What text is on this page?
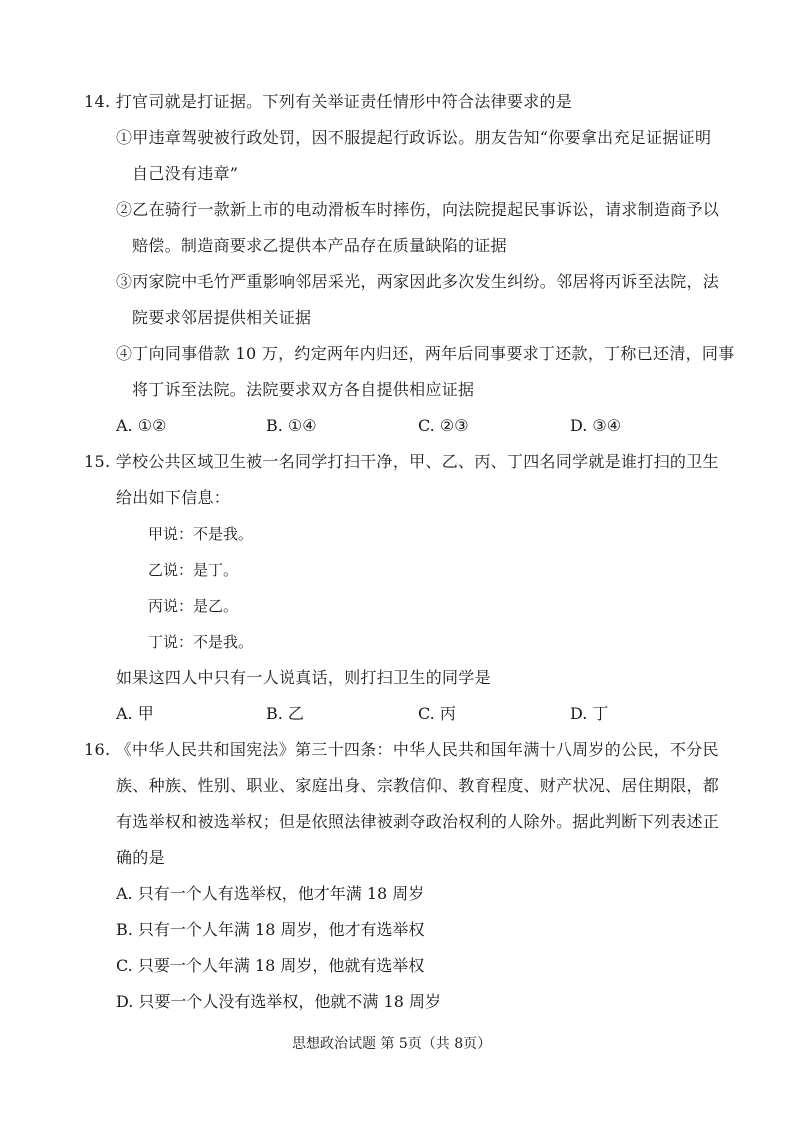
14. 打官司就是打证据。下列有关举证责任情形中符合法律要求的是
①甲违章驾驶被行政处罚，因不服提起行政诉讼。朋友告知“你要拿出充足证据证明
自己没有违章”
②乙在骑行一款新上市的电动滑板车时摔伤，向法院提起民事诉讼，请求制造商予以
赔偿。制造商要求乙提供本产品存在质量缺陷的证据
③丙家院中毛竹严重影响邻居采光，两家因此多次发生纠纷。邻居将丙诉至法院，法
院要求邻居提供相关证据
④丁向同事借款 10 万，约定两年内归还，两年后同事要求丁还款，丁称已还清，同事
将丁诉至法院。法院要求双方各自提供相应证据
A. ①②	B. ①④	C. ②③	D. ③④
15. 学校公共区域卫生被一名同学打扫干净，甲、乙、丙、丁四名同学就是谁打扫的卫生
给出如下信息：
甲说：不是我。
乙说：是丁。
丙说：是乙。
丁说：不是我。
如果这四人中只有一人说真话，则打扫卫生的同学是
A. 甲	B. 乙	C. 丙	D. 丁
16. 《中华人民共和国宪法》第三十四条：中华人民共和国年满十八周岁的公民，不分民
族、种族、性别、职业、家庭出身、宗教信仰、教育程度、财产状况、居住期限，都
有选举权和被选举权；但是依照法律被剥夺政治权利的人除外。据此判断下列表述正
确的是
A. 只有一个人有选举权，他才年满 18 周岁
B. 只有一个人年满 18 周岁，他才有选举权
C. 只要一个人年满 18 周岁，他就有选举权
D. 只要一个人没有选举权，他就不满 18 周岁
思想政治试题 第 5页（共 8页）
